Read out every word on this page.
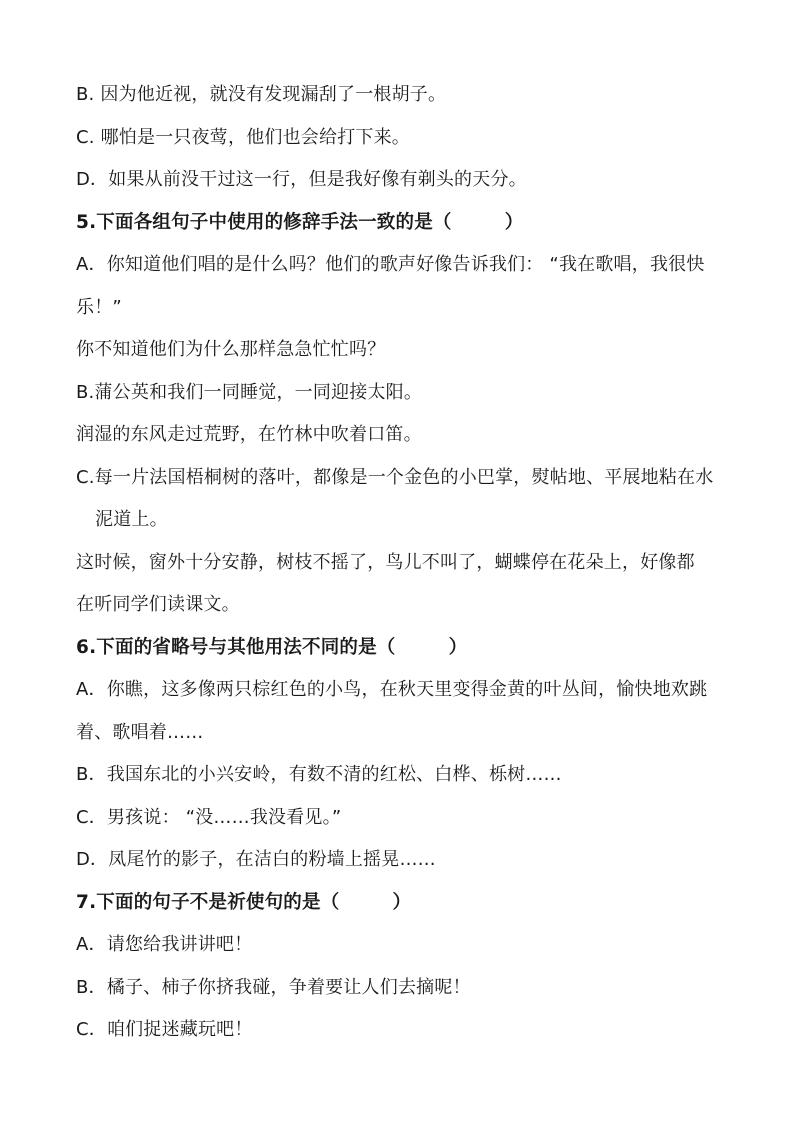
B. 因为他近视，就没有发现漏刮了一根胡子。
C. 哪怕是一只夜莺，他们也会给打下来。
D．如果从前没干过这一行，但是我好像有剃头的天分。
5.下面各组句子中使用的修辞手法一致的是（        ）
A．你知道他们唱的是什么吗？他们的歌声好像告诉我们： “我在歌唱，我很快
乐！”
你不知道他们为什么那样急急忙忙吗？
B.蒲公英和我们一同睡觉，一同迎接太阳。
润湿的东风走过荒野，在竹林中吹着口笛。
C.每一片法国梧桐树的落叶，都像是一个金色的小巴掌，熨帖地、平展地粘在水
泥道上。
这时候，窗外十分安静，树枝不摇了，鸟儿不叫了，蝴蝶停在花朵上，好像都
在听同学们读课文。
6.下面的省略号与其他用法不同的是（        ）
A．你瞧，这多像两只棕红色的小鸟，在秋天里变得金黄的叶丛间，愉快地欢跳
着、歌唱着……
B．我国东北的小兴安岭，有数不清的红松、白桦、栎树……
C．男孩说： “没……我没看见。”
D．凤尾竹的影子，在洁白的粉墙上摇晃……
7.下面的句子不是祈使句的是（        ）
A．请您给我讲讲吧！
B．橘子、柿子你挤我碰，争着要让人们去摘呢！
C．咱们捉迷藏玩吧！
